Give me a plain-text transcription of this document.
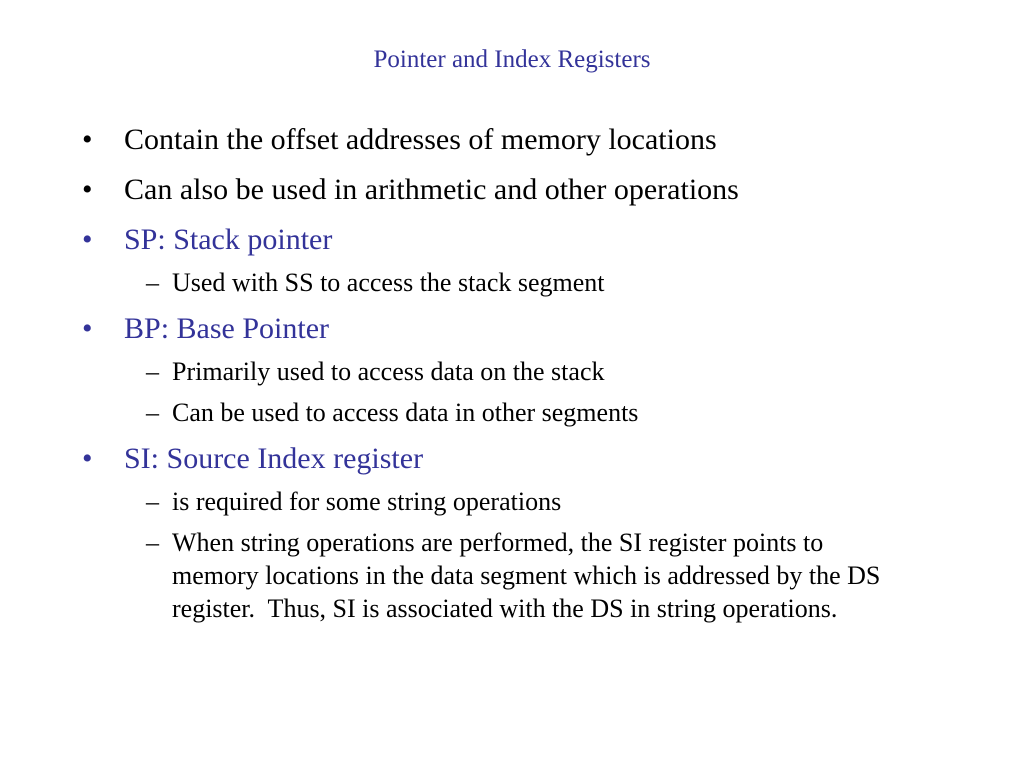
Pointer and Index Registers
•	Contain the offset addresses of memory locations
•	Can also be used in arithmetic and other operations
•	SP: Stack pointer
– Used with SS to access the stack segment
•	BP: Base Pointer
– Primarily used to access data on the stack
– Can be used to access data in other segments
•	SI: Source Index register
– is required for some string operations
– When string operations are performed, the SI register points to memory locations in the data segment which is addressed by the DS register.  Thus, SI is associated with the DS in string operations.
